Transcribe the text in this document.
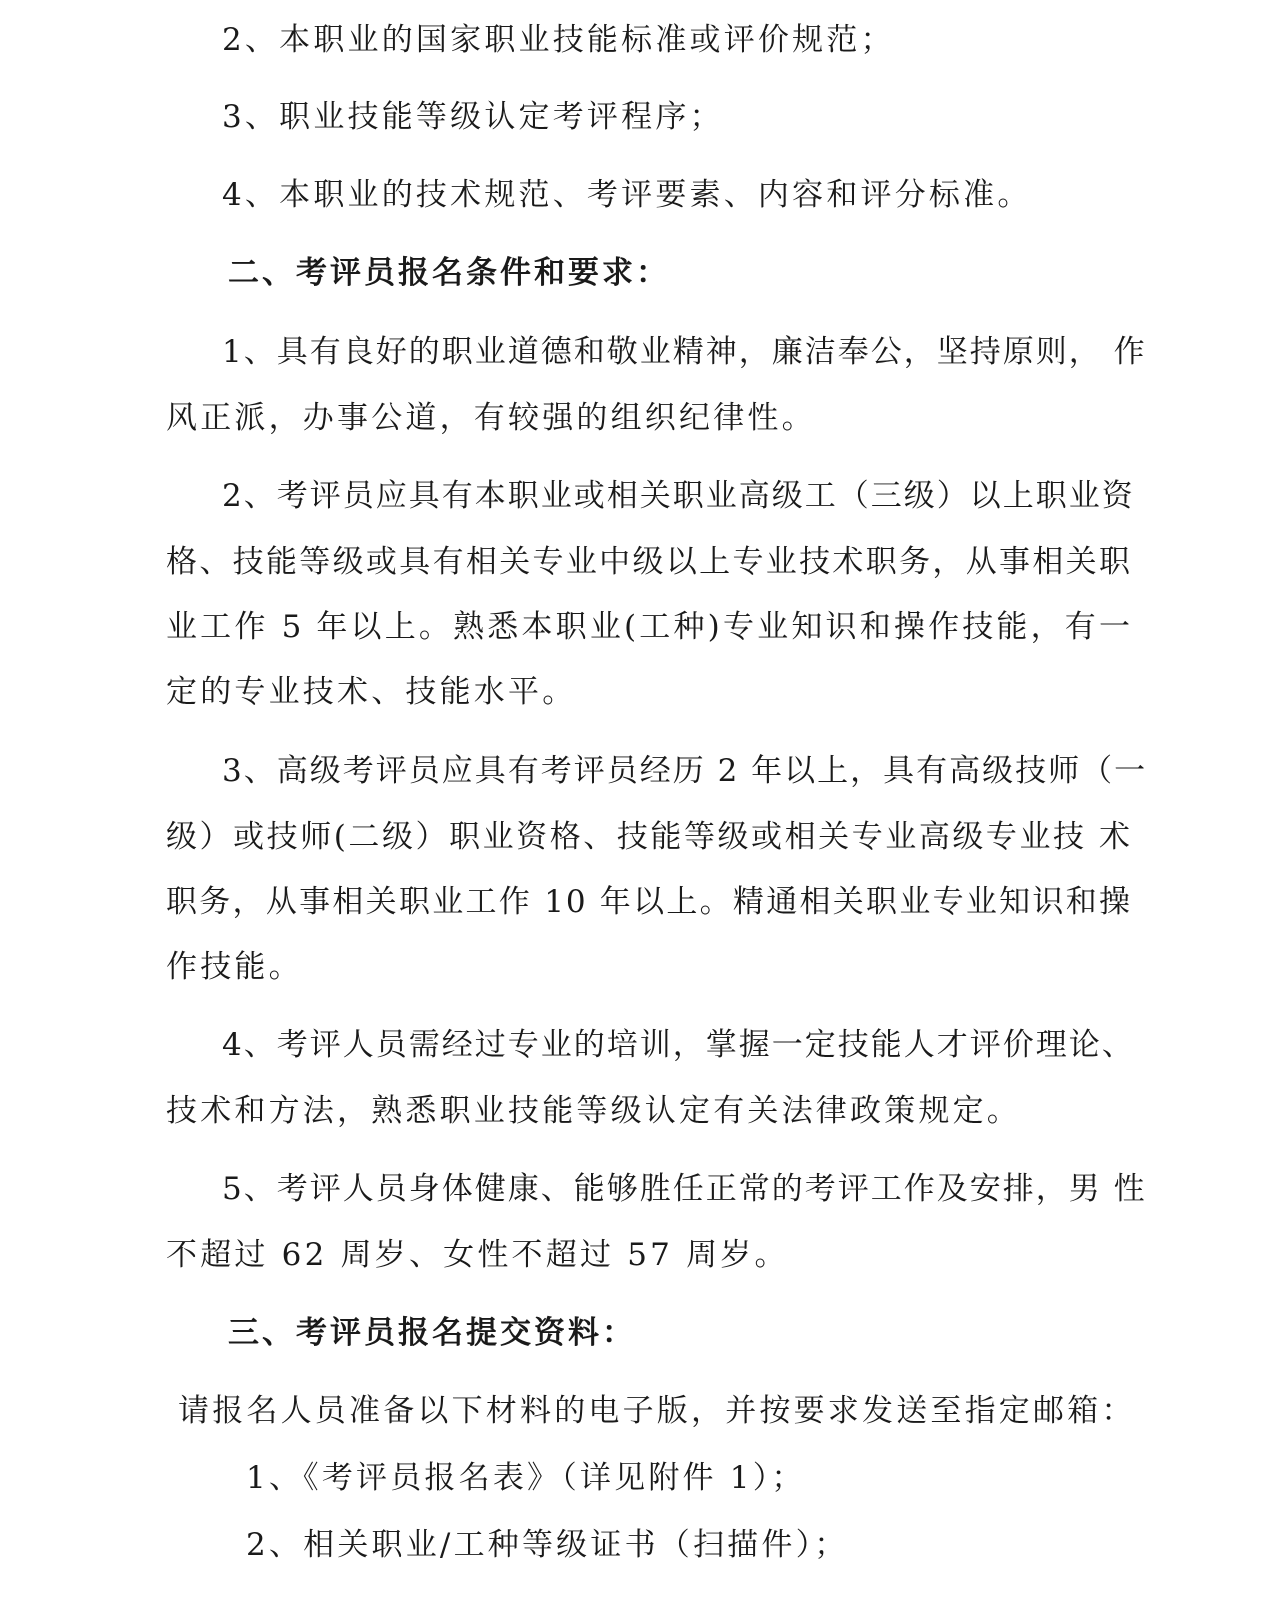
2、本职业的国家职业技能标准或评价规范；
3、职业技能等级认定考评程序；
4、本职业的技术规范、考评要素、内容和评分标准。
二、考评员报名条件和要求：
1、具有良好的职业道德和敬业精神，廉洁奉公，坚持原则， 作
风正派，办事公道，有较强的组织纪律性。
2、考评员应具有本职业或相关职业高级工（三级）以上职业资
格、技能等级或具有相关专业中级以上专业技术职务，从事相关职
业工作 5 年以上。熟悉本职业(工种)专业知识和操作技能，有一
定的专业技术、技能水平。
3、高级考评员应具有考评员经历 2 年以上，具有高级技师（一
级）或技师(二级）职业资格、技能等级或相关专业高级专业技 术
职务，从事相关职业工作 10 年以上。精通相关职业专业知识和操
作技能。
4、考评人员需经过专业的培训，掌握一定技能人才评价理论、
技术和方法，熟悉职业技能等级认定有关法律政策规定。
5、考评人员身体健康、能够胜任正常的考评工作及安排，男 性
不超过 62 周岁、女性不超过 57 周岁。
三、考评员报名提交资料：
请报名人员准备以下材料的电子版，并按要求发送至指定邮箱：
1、《考评员报名表》（详见附件 1）；
2、相关职业/工种等级证书（扫描件）；
